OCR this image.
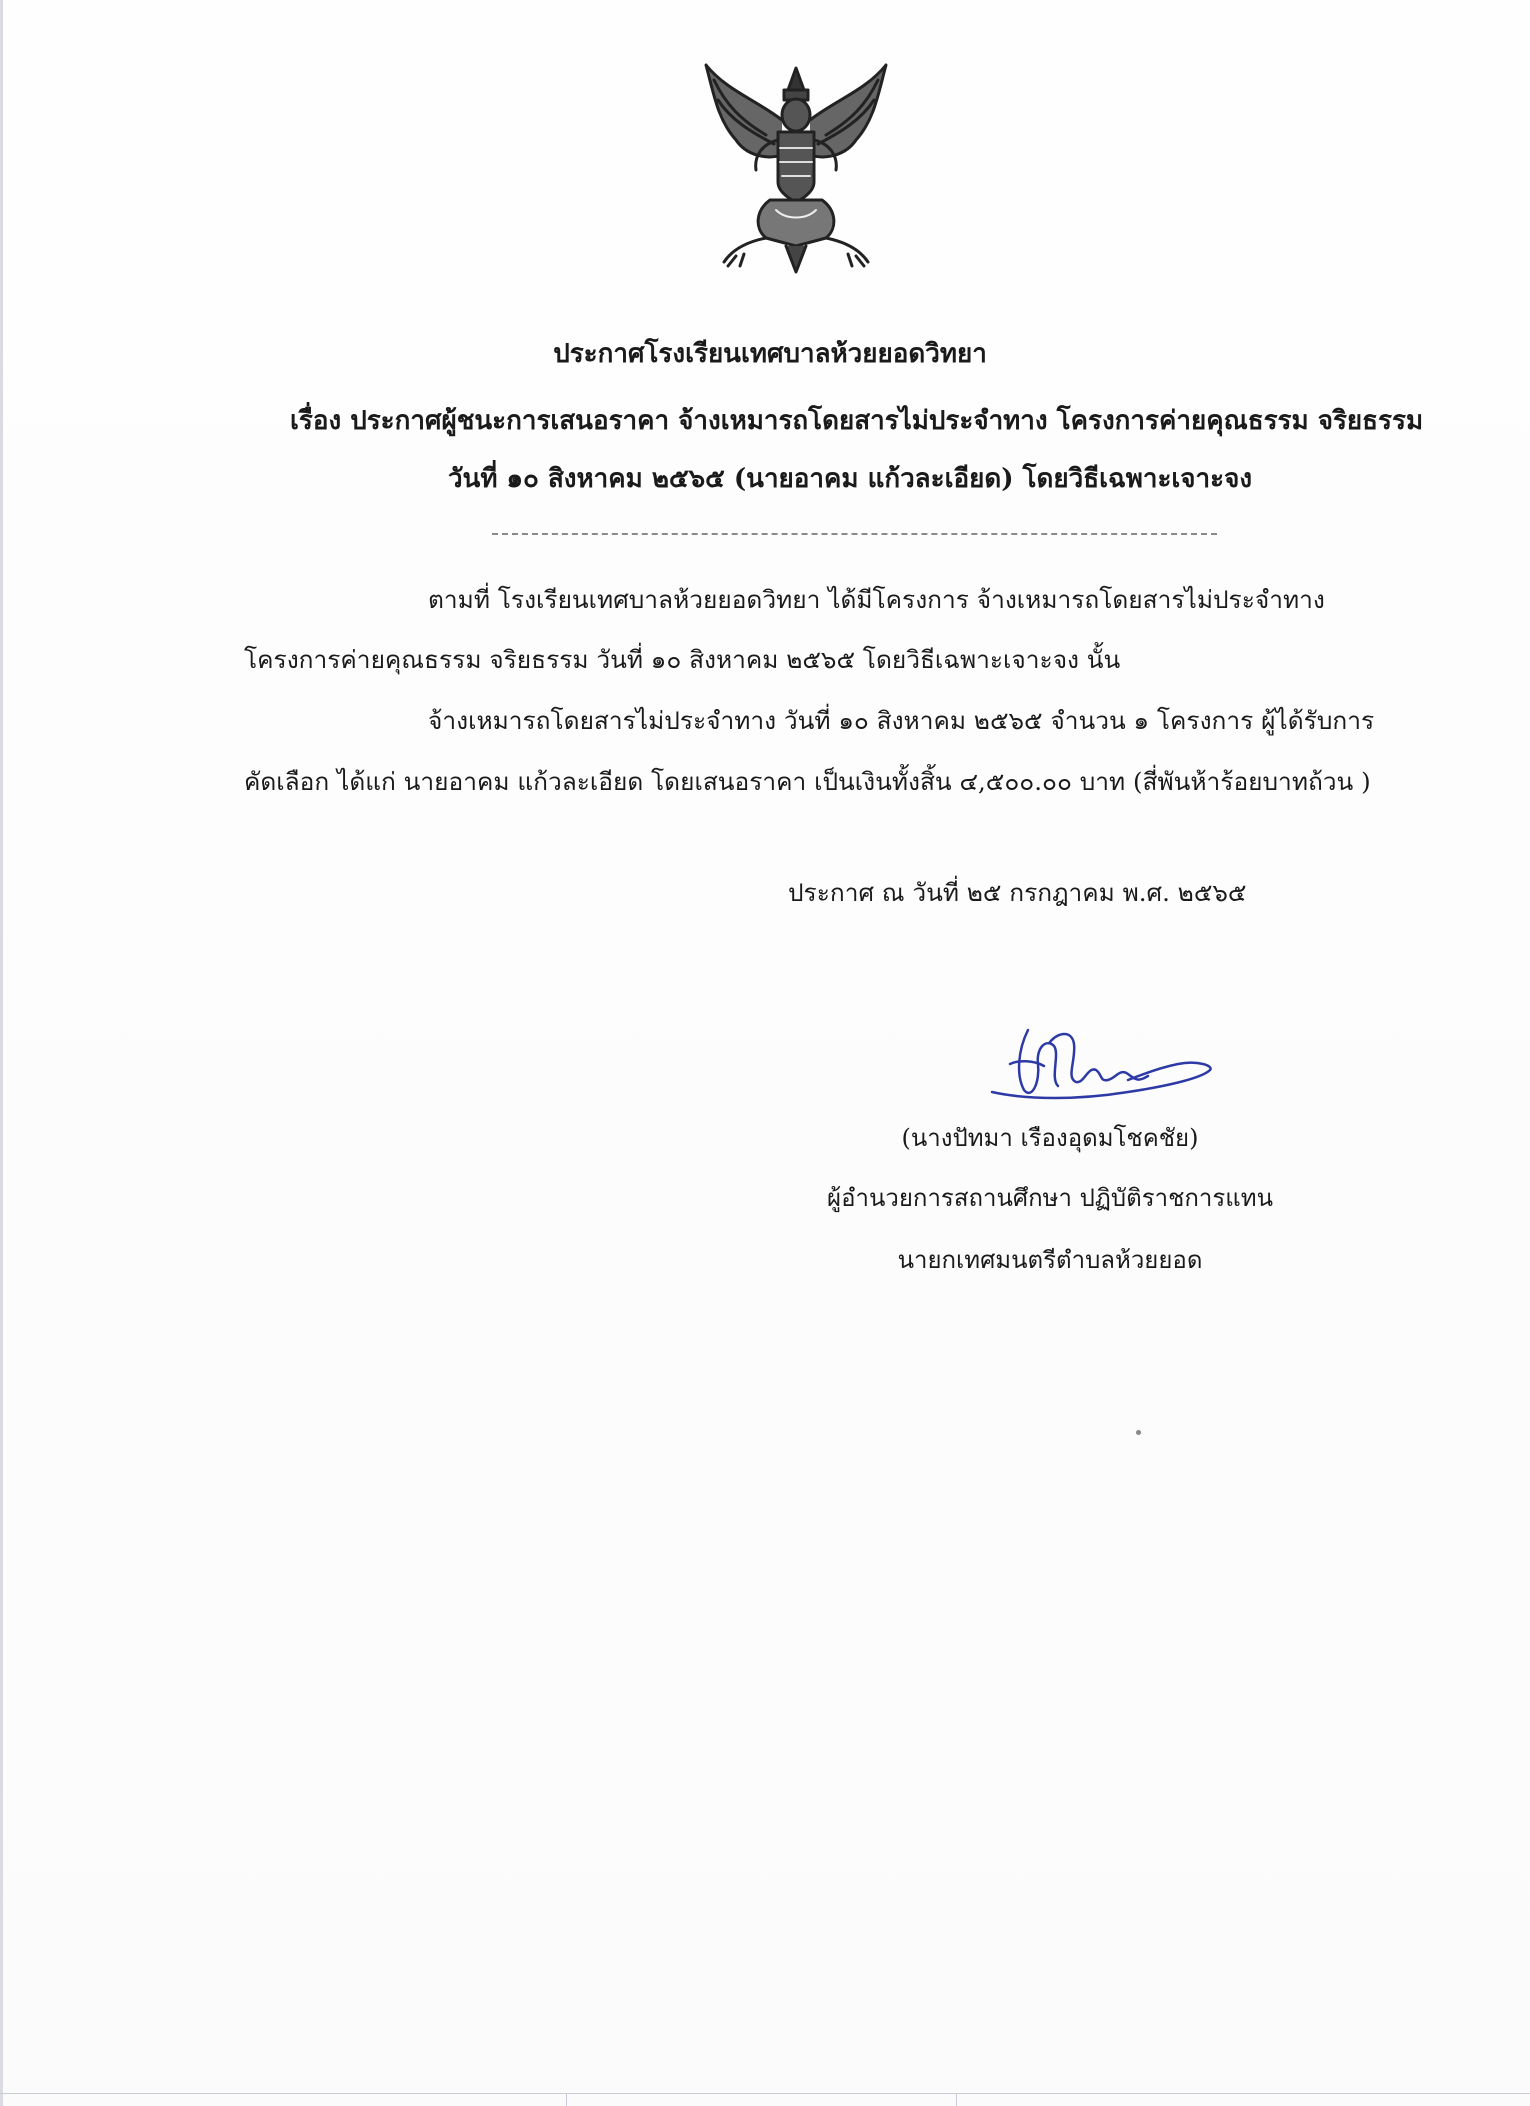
ประกาศโรงเรียนเทศบาลห้วยยอดวิทยา
เรื่อง ประกาศผู้ชนะการเสนอราคา จ้างเหมารถโดยสารไม่ประจำทาง โครงการค่ายคุณธรรม จริยธรรม
วันที่ ๑๐ สิงหาคม ๒๕๖๕ (นายอาคม แก้วละเอียด) โดยวิธีเฉพาะเจาะจง
ตามที่ โรงเรียนเทศบาลห้วยยอดวิทยา ได้มีโครงการ จ้างเหมารถโดยสารไม่ประจำทาง
โครงการค่ายคุณธรรม จริยธรรม วันที่ ๑๐ สิงหาคม ๒๕๖๕ โดยวิธีเฉพาะเจาะจง นั้น
จ้างเหมารถโดยสารไม่ประจำทาง วันที่ ๑๐ สิงหาคม ๒๕๖๕ จำนวน ๑ โครงการ ผู้ได้รับการ
คัดเลือก ได้แก่ นายอาคม แก้วละเอียด โดยเสนอราคา เป็นเงินทั้งสิ้น ๔,๕๐๐.๐๐ บาท (สี่พันห้าร้อยบาทถ้วน )
ประกาศ ณ วันที่ ๒๕ กรกฎาคม พ.ศ. ๒๕๖๕
(นางปัทมา เรืองอุดมโชคชัย)
ผู้อำนวยการสถานศึกษา ปฏิบัติราชการแทน
นายกเทศมนตรีตำบลห้วยยอด
